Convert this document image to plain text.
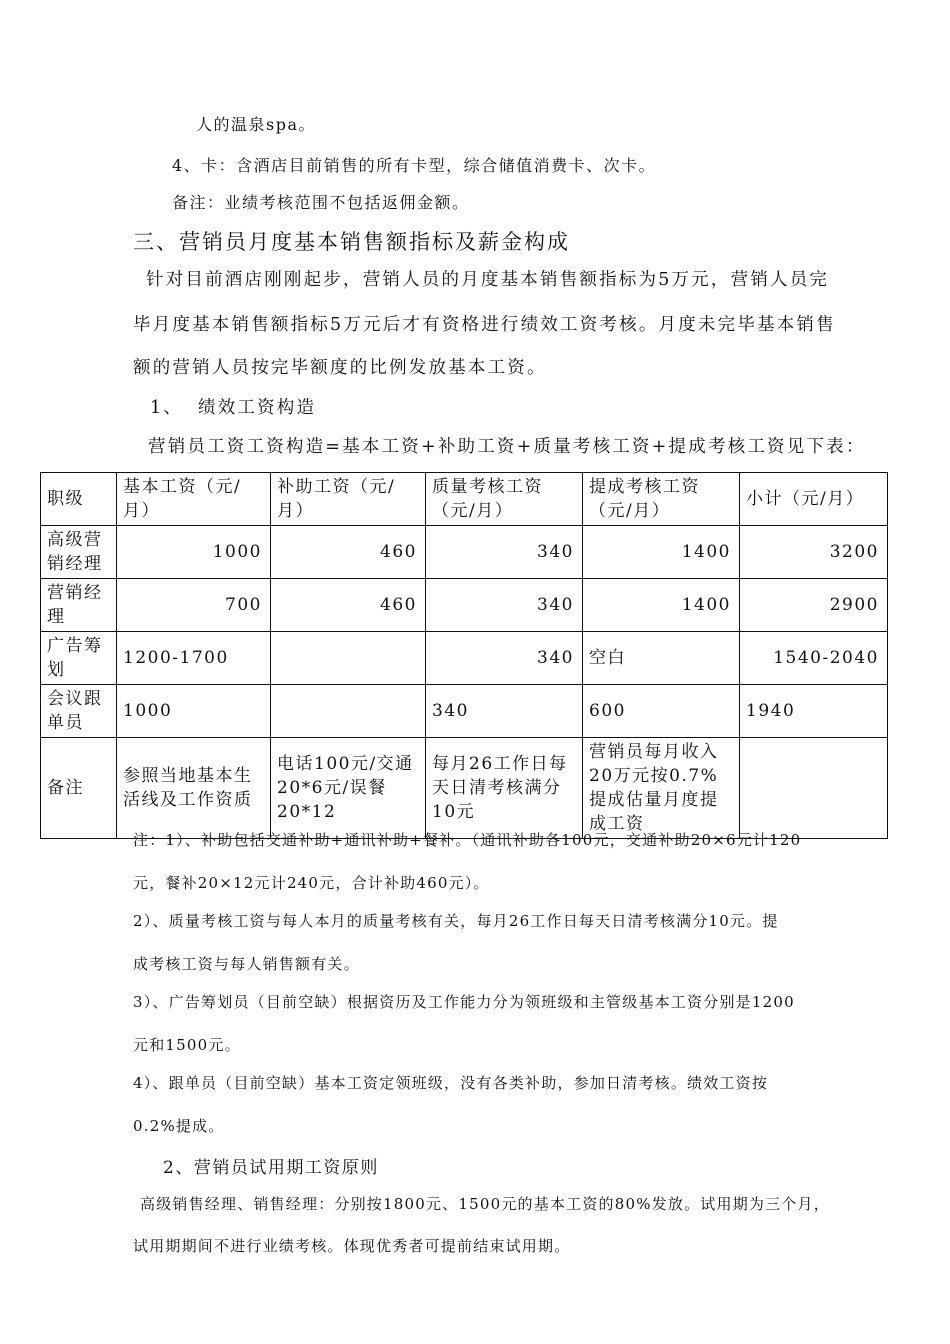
人的温泉spa。
4、卡：含酒店目前销售的所有卡型，综合储值消费卡、次卡。
备注：业绩考核范围不包括返佣金额。
三、营销员月度基本销售额指标及薪金构成
针对目前酒店刚刚起步，营销人员的月度基本销售额指标为5万元，营销人员完
毕月度基本销售额指标5万元后才有资格进行绩效工资考核。月度未完毕基本销售
额的营销人员按完毕额度的比例发放基本工资。
1、 绩效工资构造
营销员工资工资构造=基本工资+补助工资+质量考核工资+提成考核工资见下表：
职级	基本工资（元/月）	补助工资（元/月）	质量考核工资（元/月）	提成考核工资（元/月）	小计（元/月）
高级营销经理	1000	460	340	1400	3200
营销经理	700	460	340	1400	2900
广告筹划	1200-1700		340	空白	1540-2040
会议跟单员	1000		340	600	1940
备注	参照当地基本生活线及工作资质	电话100元/交通20*6元/误餐20*12	每月26工作日每天日清考核满分10元	营销员每月收入20万元按0.7%提成估量月度提成工资	
注：1）、补助包括交通补助+通讯补助+餐补。（通讯补助各100元，交通补助20×6元计120
元，餐补20×12元计240元，合计补助460元）。
2）、质量考核工资与每人本月的质量考核有关，每月26工作日每天日清考核满分10元。提
成考核工资与每人销售额有关。
3）、广告筹划员（目前空缺）根据资历及工作能力分为领班级和主管级基本工资分别是1200
元和1500元。
4）、跟单员（目前空缺）基本工资定领班级，没有各类补助，参加日清考核。绩效工资按
0.2%提成。
2、营销员试用期工资原则
高级销售经理、销售经理：分别按1800元、1500元的基本工资的80%发放。试用期为三个月，
试用期期间不进行业绩考核。体现优秀者可提前结束试用期。
